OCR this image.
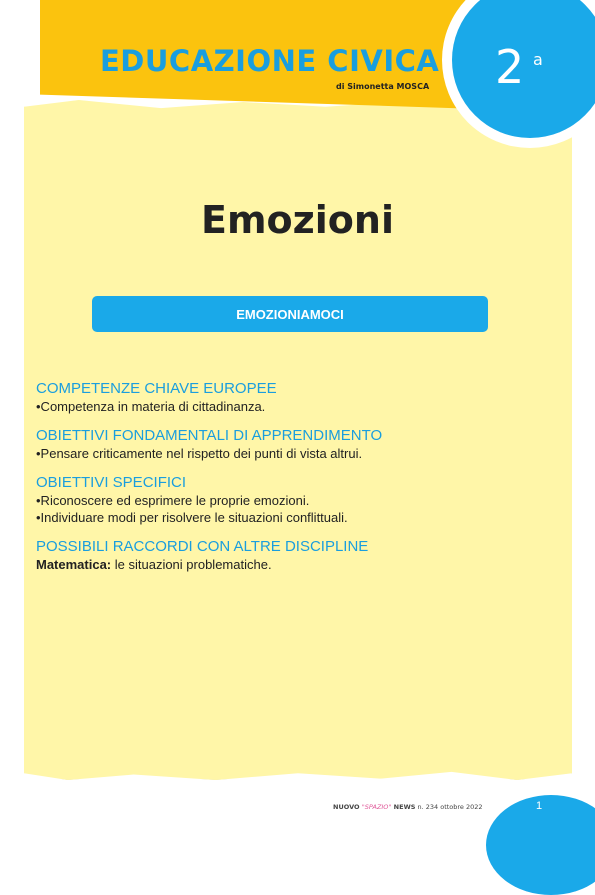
EDUCAZIONE CIVICA
di Simonetta MOSCA 2 a
Emozioni
EMOZIONIAMOCI
COMPETENZE CHIAVE EUROPEE

•Competenza in materia di cittadinanza.

OBIETTIVI FONDAMENTALI DI APPRENDIMENTO

•Pensare criticamente nel rispetto dei punti di vista altrui.

OBIETTIVI SPECIFICI

•Riconoscere ed esprimere le proprie emozioni.

•Individuare modi per risolvere le situazioni conflittuali.

POSSIBILI RACCORDI CON ALTRE DISCIPLINE

Matematica: le situazioni problematiche.

NUOVO "SPAZIO" NEWS n. 234 ottobre 2022	1
